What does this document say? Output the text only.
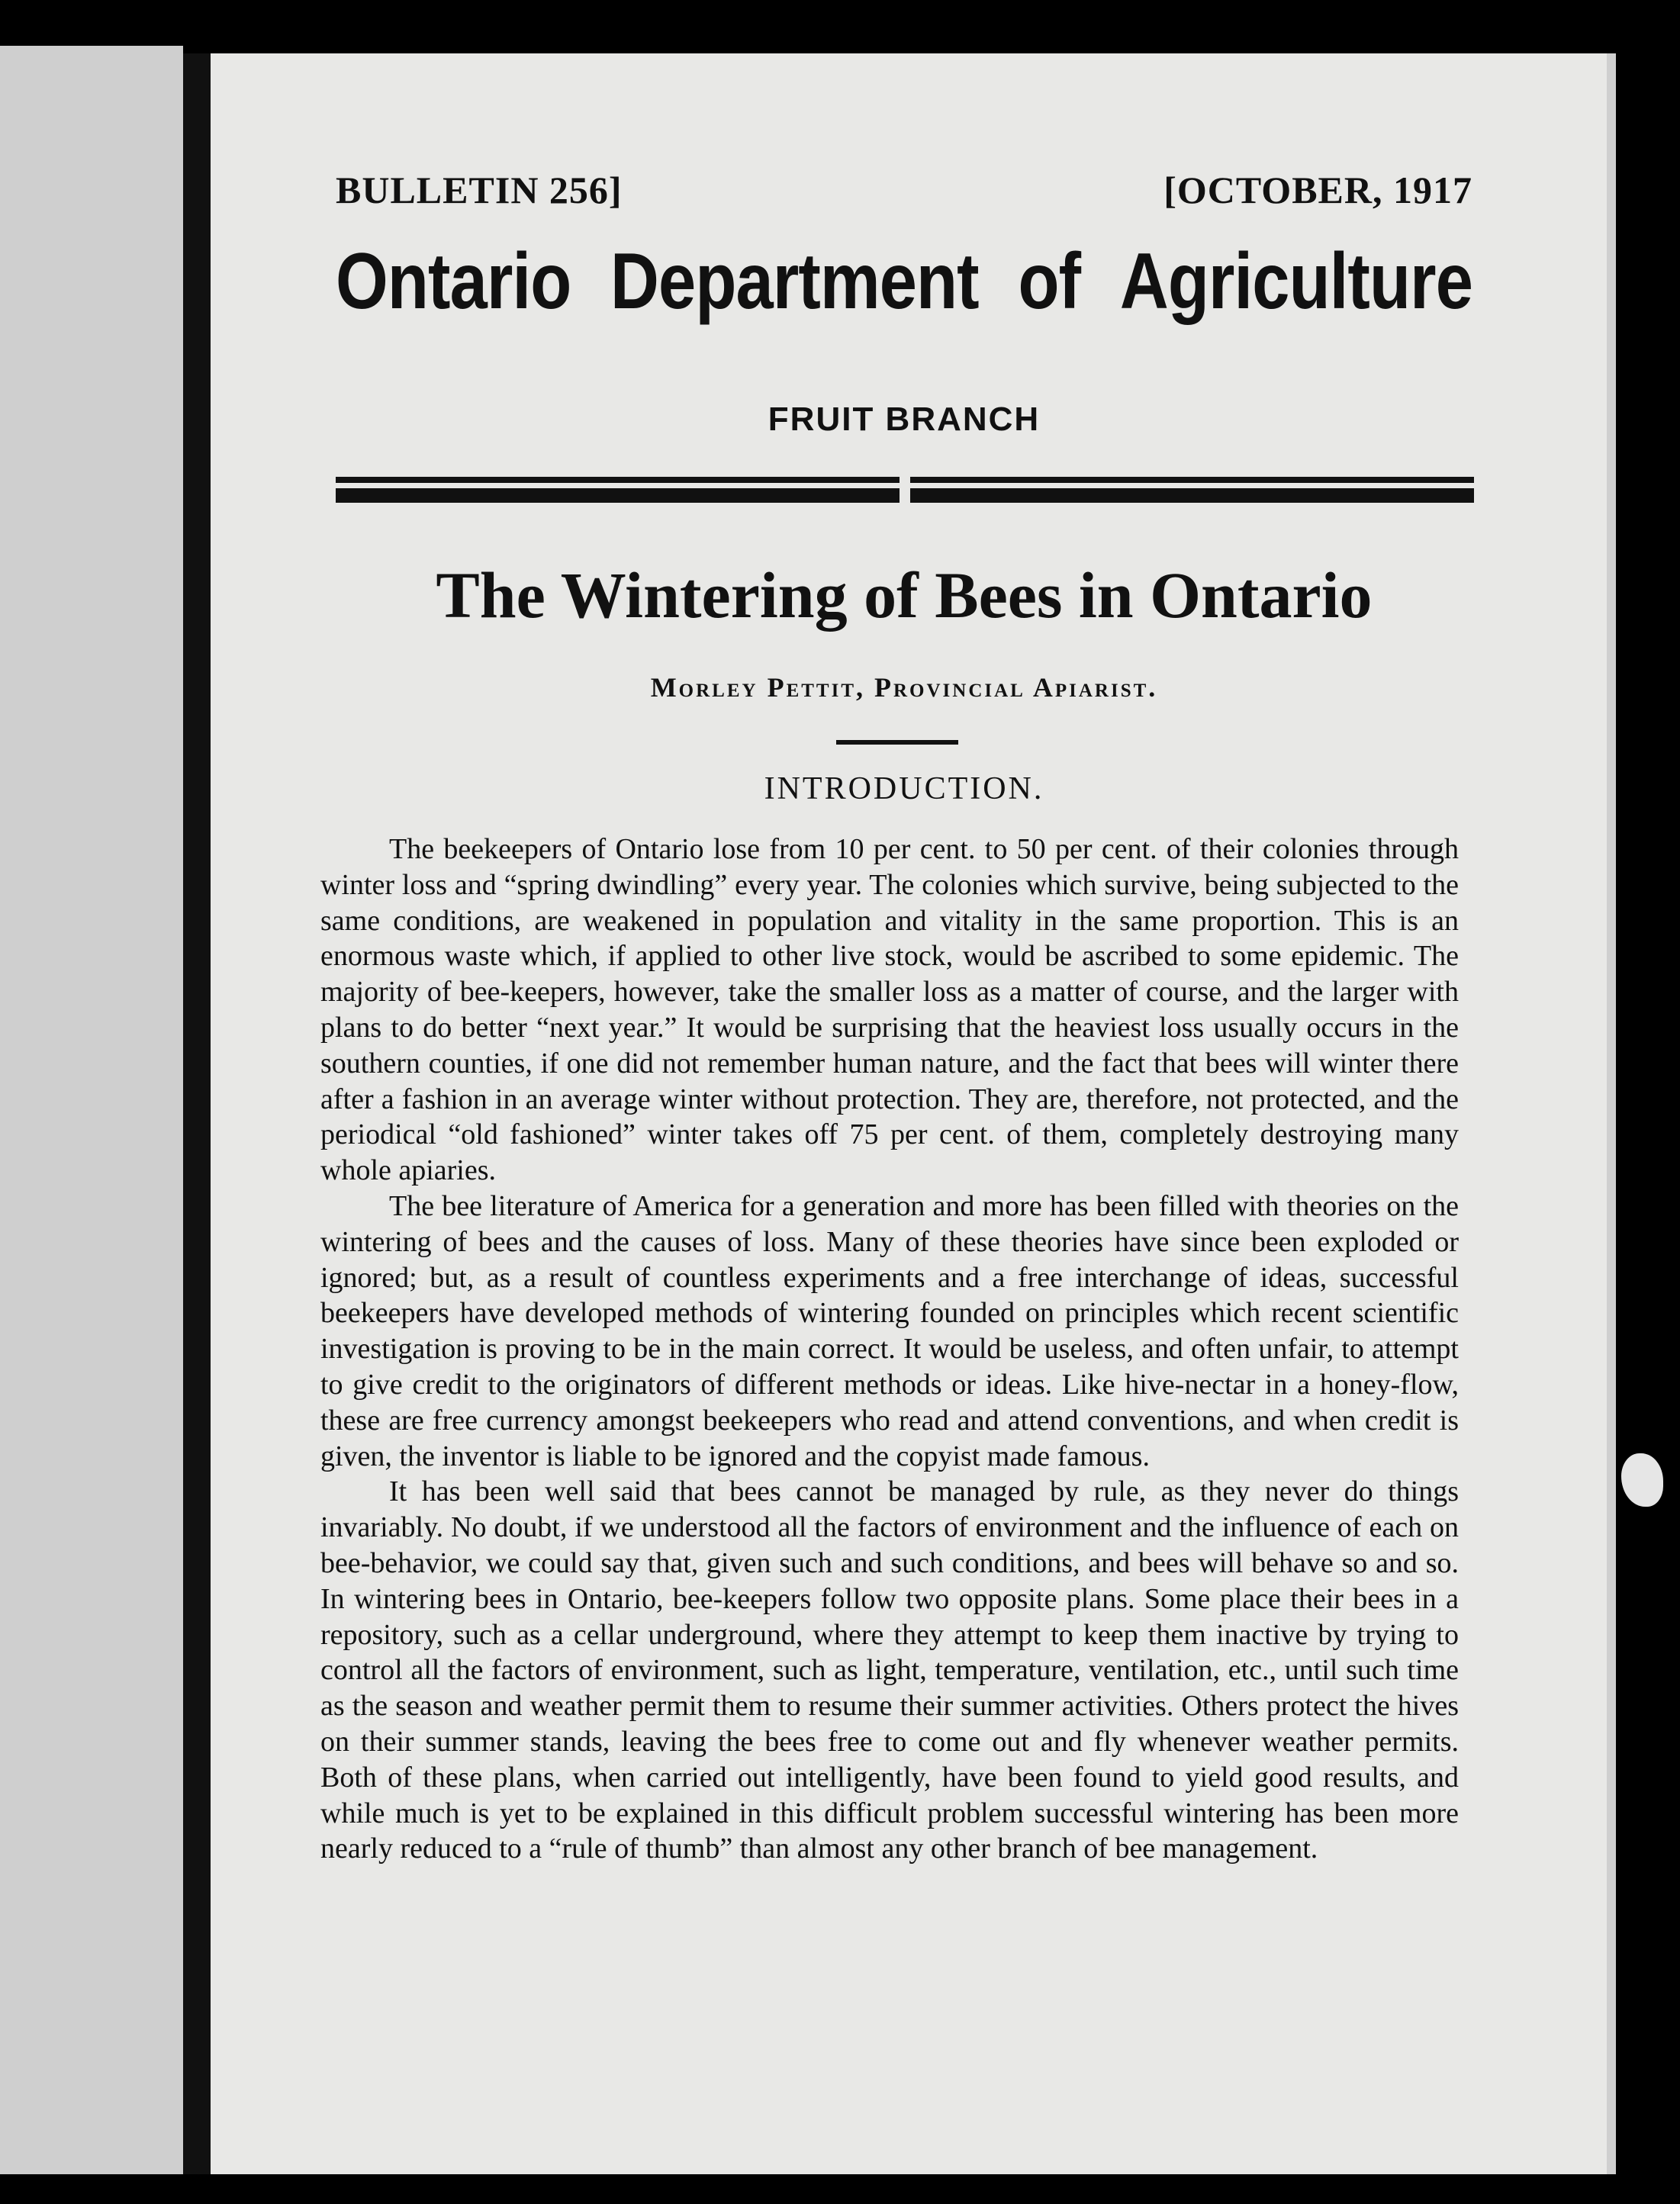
BULLETIN 256]	[OCTOBER, 1917
Ontario Department of Agriculture
FRUIT BRANCH
The Wintering of Bees in Ontario
Morley Pettit, Provincial Apiarist.
INTRODUCTION.

The beekeepers of Ontario lose from 10 per cent. to 50 per cent. of their colonies through winter loss and “spring dwindling” every year. The colonies which survive, being subjected to the same conditions, are weakened in population and vitality in the same proportion. This is an enormous waste which, if applied to other live stock, would be ascribed to some epidemic. The majority of bee-keepers, however, take the smaller loss as a matter of course, and the larger with plans to do better “next year.” It would be surprising that the heaviest loss usually occurs in the southern counties, if one did not remember human nature, and the fact that bees will winter there after a fashion in an average winter without protection. They are, therefore, not protected, and the periodical “old fashioned” winter takes off 75 per cent. of them, completely destroying many whole apiaries.

The bee literature of America for a generation and more has been filled with theories on the wintering of bees and the causes of loss. Many of these theories have since been exploded or ignored; but, as a result of countless experiments and a free interchange of ideas, successful beekeepers have developed methods of wintering founded on principles which recent scientific investigation is proving to be in the main correct. It would be useless, and often unfair, to attempt to give credit to the originators of different methods or ideas. Like hive-nectar in a honey-flow, these are free currency amongst beekeepers who read and attend conventions, and when credit is given, the inventor is liable to be ignored and the copyist made famous.

It has been well said that bees cannot be managed by rule, as they never do things invariably. No doubt, if we understood all the factors of environment and the influence of each on bee-behavior, we could say that, given such and such conditions, and bees will behave so and so. In wintering bees in Ontario, bee-keepers follow two opposite plans. Some place their bees in a repository, such as a cellar underground, where they attempt to keep them inactive by trying to control all the factors of environment, such as light, temperature, ventilation, etc., until such time as the season and weather permit them to resume their summer activities. Others protect the hives on their summer stands, leaving the bees free to come out and fly whenever weather permits. Both of these plans, when carried out intelligently, have been found to yield good results, and while much is yet to be explained in this difficult problem successful wintering has been more nearly reduced to a “rule of thumb” than almost any other branch of bee management.
